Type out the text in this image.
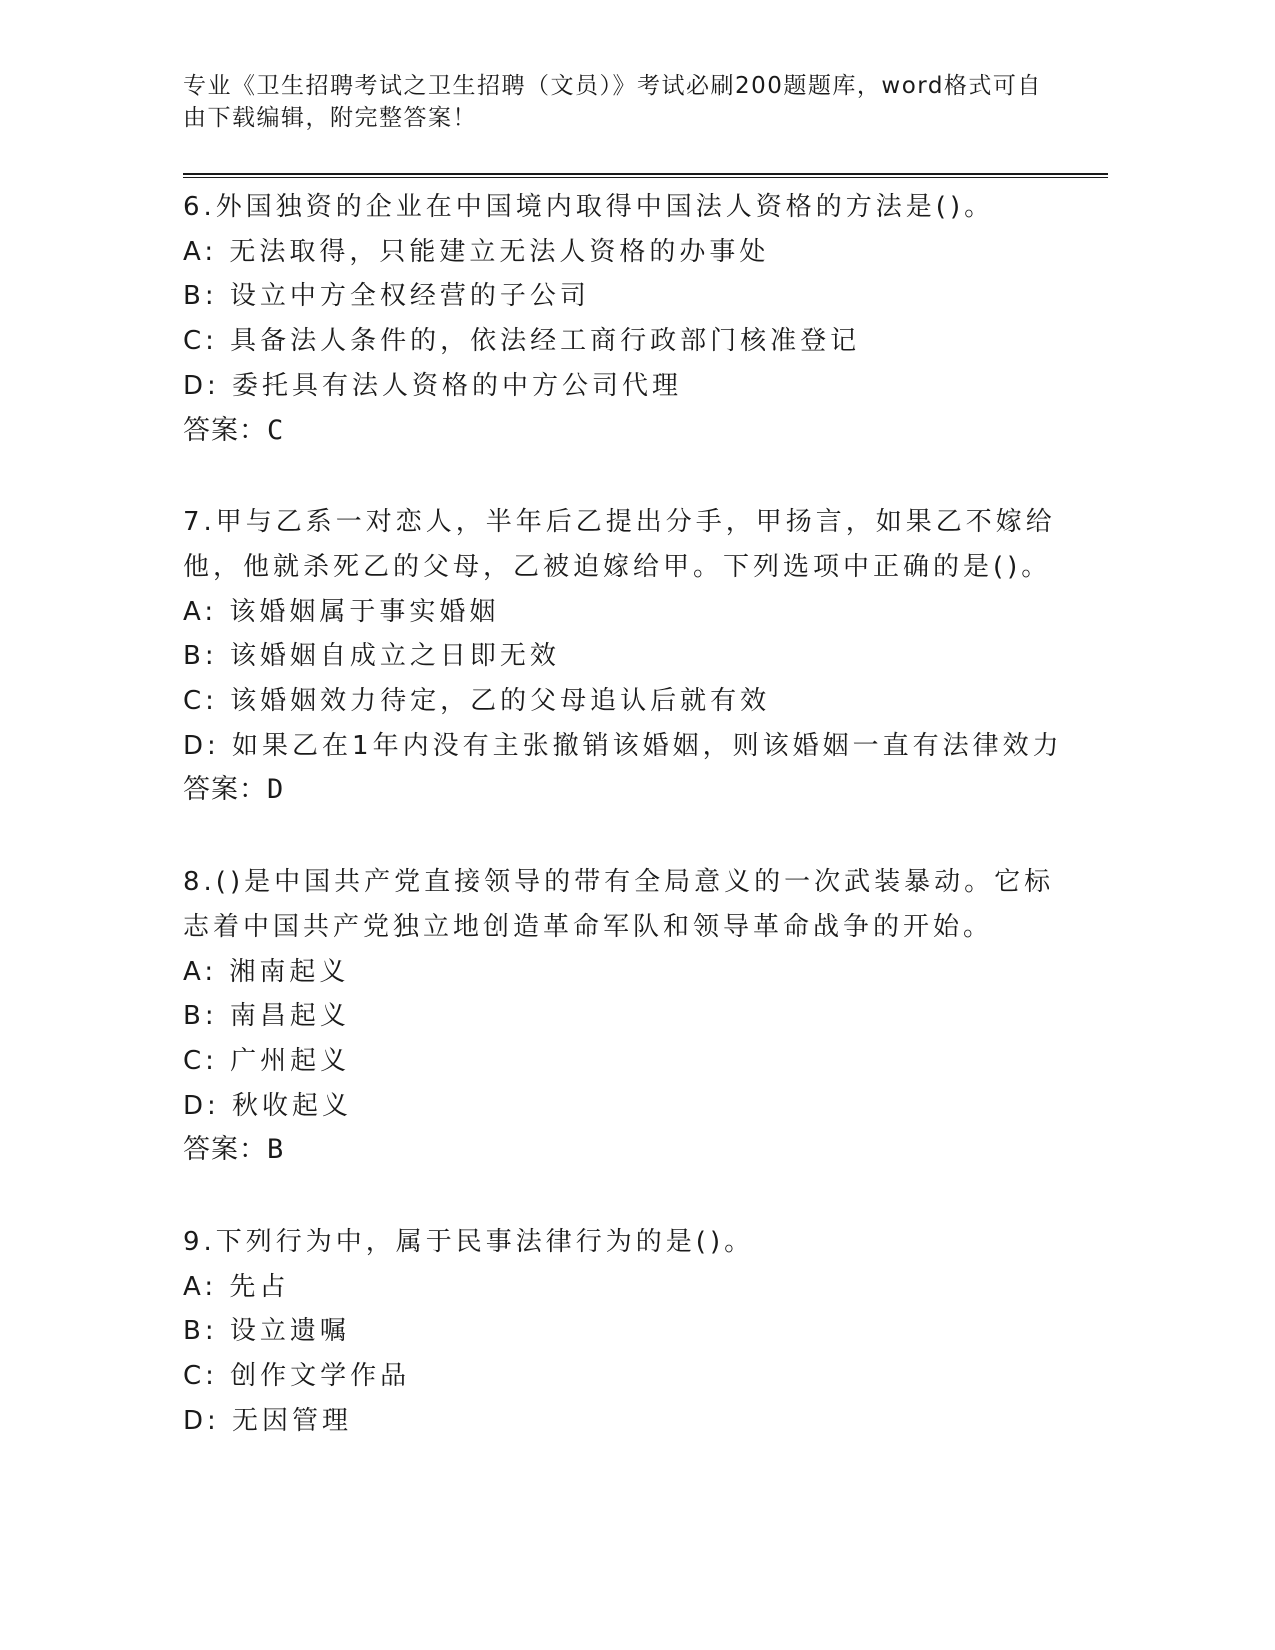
专业《卫生招聘考试之卫生招聘（文员）》考试必刷200题题库，word格式可自由下载编辑，附完整答案！
6.外国独资的企业在中国境内取得中国法人资格的方法是()。
A: 无法取得，只能建立无法人资格的办事处
B: 设立中方全权经营的子公司
C: 具备法人条件的，依法经工商行政部门核准登记
D: 委托具有法人资格的中方公司代理
答案：C
7.甲与乙系一对恋人，半年后乙提出分手，甲扬言，如果乙不嫁给他，他就杀死乙的父母，乙被迫嫁给甲。下列选项中正确的是()。
A: 该婚姻属于事实婚姻
B: 该婚姻自成立之日即无效
C: 该婚姻效力待定，乙的父母追认后就有效
D: 如果乙在1年内没有主张撤销该婚姻，则该婚姻一直有法律效力
答案：D
8.()是中国共产党直接领导的带有全局意义的一次武装暴动。它标志着中国共产党独立地创造革命军队和领导革命战争的开始。
A: 湘南起义
B: 南昌起义
C: 广州起义
D: 秋收起义
答案：B
9.下列行为中，属于民事法律行为的是()。
A: 先占
B: 设立遗嘱
C: 创作文学作品
D: 无因管理
